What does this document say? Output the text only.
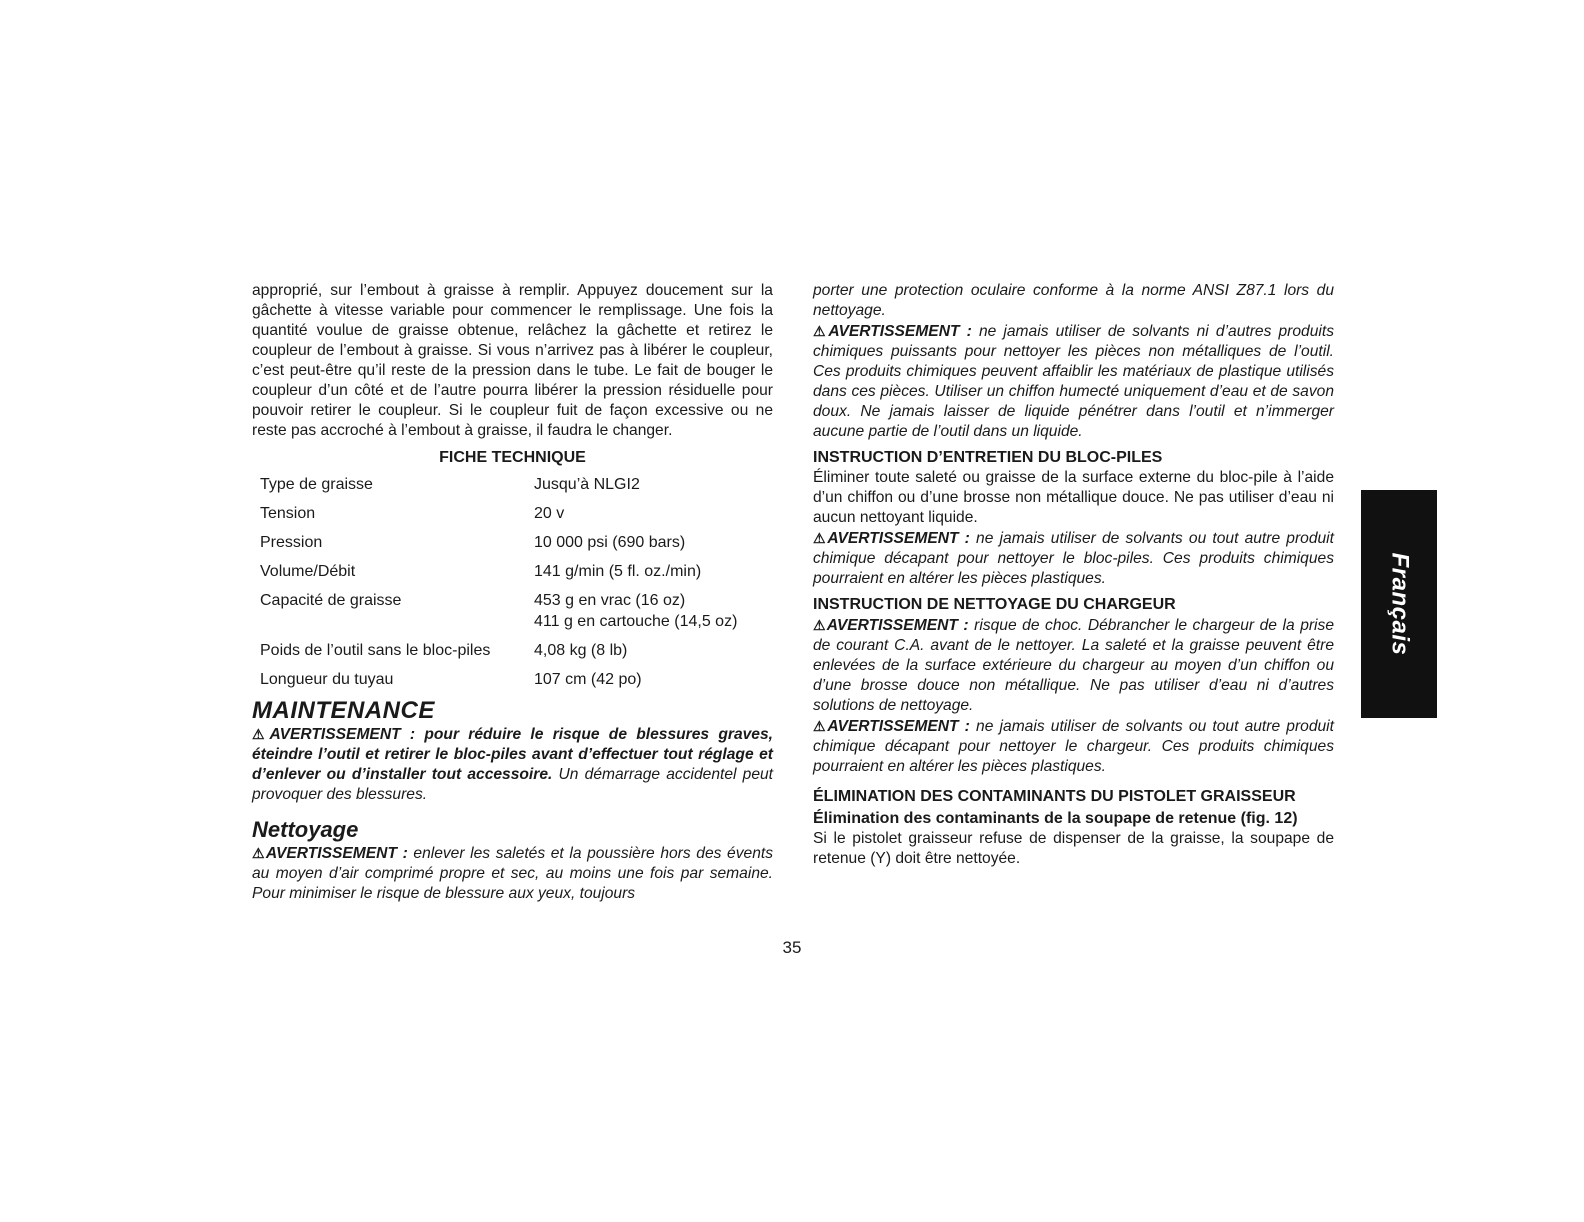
approprié, sur l’embout à graisse à remplir. Appuyez doucement sur la gâchette à vitesse variable pour commencer le remplissage. Une fois la quantité voulue de graisse obtenue, relâchez la gâchette et retirez le coupleur de l’embout à graisse. Si vous n’arrivez pas à libérer le coupleur, c’est peut-être qu’il reste de la pression dans le tube. Le fait de bouger le coupleur d’un côté et de l’autre pourra libérer la pression résiduelle pour pouvoir retirer le coupleur. Si le coupleur fuit de façon excessive ou ne reste pas accroché à l’embout à graisse, il faudra le changer.

FICHE TECHNIQUE
Type de graisse	Jusqu’à NLGI2

Tension	20 v

Pression	10 000 psi (690 bars)

Volume/Débit	141 g/min (5 fl. oz./min)

Capacité de graisse	453 g en vrac (16 oz)
411 g en cartouche (14,5 oz)

Poids de l’outil sans le bloc-piles	4,08 kg (8 lb)

Longueur du tuyau	107 cm (42 po)
MAINTENANCE

⚠AVERTISSEMENT : pour réduire le risque de blessures graves, éteindre l’outil et retirer le bloc-piles avant d’effectuer tout réglage et d’enlever ou d’installer tout accessoire. Un démarrage accidentel peut provoquer des blessures.

Nettoyage

⚠AVERTISSEMENT : enlever les saletés et la poussière hors des évents au moyen d’air comprimé propre et sec, au moins une fois par semaine. Pour minimiser le risque de blessure aux yeux, toujours

porter une protection oculaire conforme à la norme ANSI Z87.1 lors du nettoyage.

⚠AVERTISSEMENT : ne jamais utiliser de solvants ni d’autres produits chimiques puissants pour nettoyer les pièces non métalliques de l’outil. Ces produits chimiques peuvent affaiblir les matériaux de plastique utilisés dans ces pièces. Utiliser un chiffon humecté uniquement d’eau et de savon doux. Ne jamais laisser de liquide pénétrer dans l’outil et n’immerger aucune partie de l’outil dans un liquide.

INSTRUCTION D’ENTRETIEN DU BLOC-PILES

Éliminer toute saleté ou graisse de la surface externe du bloc-pile à l’aide d’un chiffon ou d’une brosse non métallique douce. Ne pas utiliser d’eau ni aucun nettoyant liquide.

⚠AVERTISSEMENT : ne jamais utiliser de solvants ou tout autre produit chimique décapant pour nettoyer le bloc-piles. Ces produits chimiques pourraient en altérer les pièces plastiques.

INSTRUCTION DE NETTOYAGE DU CHARGEUR

⚠AVERTISSEMENT : risque de choc. Débrancher le chargeur de la prise de courant C.A. avant de le nettoyer. La saleté et la graisse peuvent être enlevées de la surface extérieure du chargeur au moyen d’un chiffon ou d’une brosse douce non métallique. Ne pas utiliser d’eau ni d’autres solutions de nettoyage.

⚠AVERTISSEMENT : ne jamais utiliser de solvants ou tout autre produit chimique décapant pour nettoyer le chargeur. Ces produits chimiques pourraient en altérer les pièces plastiques.

ÉLIMINATION DES CONTAMINANTS DU PISTOLET GRAISSEUR
Élimination des contaminants de la soupape de retenue (fig. 12)

Si le pistolet graisseur refuse de dispenser de la graisse, la soupape de retenue (Y) doit être nettoyée.

35
Français
